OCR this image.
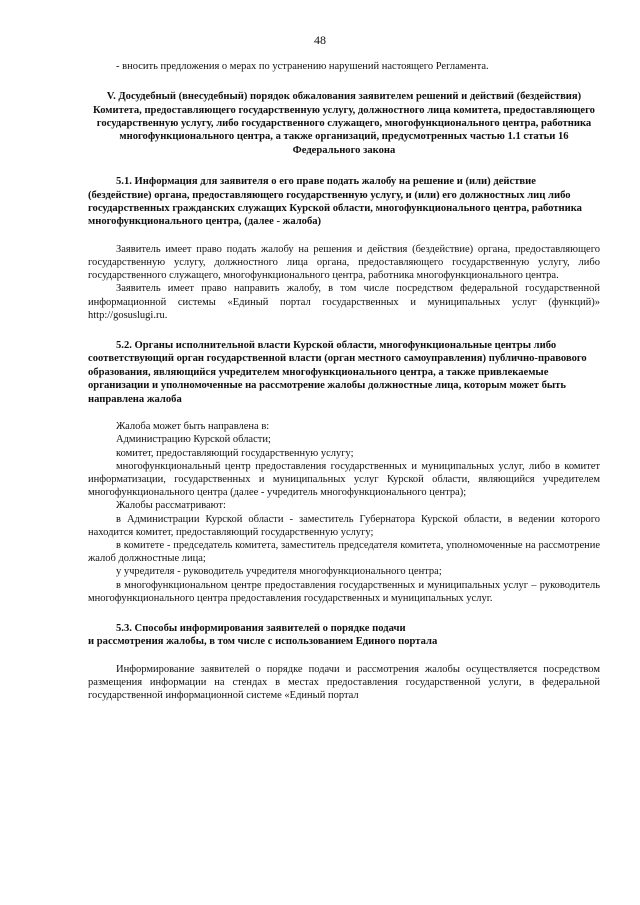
48

- вносить предложения о мерах по устранению нарушений настоящего Регламента.

V. Досудебный (внесудебный) порядок обжалования заявителем решений и действий (бездействия) Комитета, предоставляющего государственную услугу, должностного лица комитета, предоставляющего государственную услугу, либо государственного служащего, многофункционального центра, работника многофункционального центра, а также организаций, предусмотренных частью 1.1 статьи 16 Федерального закона
5.1. Информация для заявителя о его праве подать жалобу на решение и (или) действие (бездействие) органа, предоставляющего государственную услугу, и (или) его должностных лиц либо государственных гражданских служащих Курской области, многофункционального центра, работника многофункционального центра, (далее - жалоба)

Заявитель имеет право подать жалобу на решения и действия (бездействие) органа, предоставляющего государственную услугу, должностного лица органа, предоставляющего государственную услугу, либо государственного служащего, многофункционального центра, работника многофункционального центра.

Заявитель имеет право направить жалобу, в том числе посредством федеральной государственной информационной системы «Единый портал государственных и муниципальных услуг (функций)» http://gosuslugi.ru.

5.2. Органы исполнительной власти Курской области, многофункциональные центры либо соответствующий орган государственной власти (орган местного самоуправления) публично-правового образования, являющийся учредителем многофункционального центра, а также привлекаемые организации и уполномоченные на рассмотрение жалобы должностные лица, которым может быть направлена жалоба

Жалоба может быть направлена в:

Администрацию Курской области;

комитет, предоставляющий государственную услугу;

многофункциональный центр предоставления государственных и муниципальных услуг, либо в комитет информатизации, государственных и муниципальных услуг Курской области, являющийся учредителем многофункционального центра (далее - учредитель многофункционального центра);

Жалобы рассматривают:

в Администрации Курской области - заместитель Губернатора Курской области, в ведении которого находится комитет, предоставляющий государственную услугу;

в комитете - председатель комитета, заместитель председателя комитета, уполномоченные на рассмотрение жалоб должностные лица;

у учредителя - руководитель учредителя многофункционального центра;

в многофункциональном центре предоставления государственных и муниципальных услуг – руководитель многофункционального центра предоставления государственных и муниципальных услуг.

5.3. Способы информирования заявителей о порядке подачи
и рассмотрения жалобы, в том числе с использованием Единого портала

Информирование заявителей о порядке подачи и рассмотрения жалобы осуществляется посредством размещения информации на стендах в местах предоставления государственной услуги, в федеральной государственной информационной системе «Единый портал
